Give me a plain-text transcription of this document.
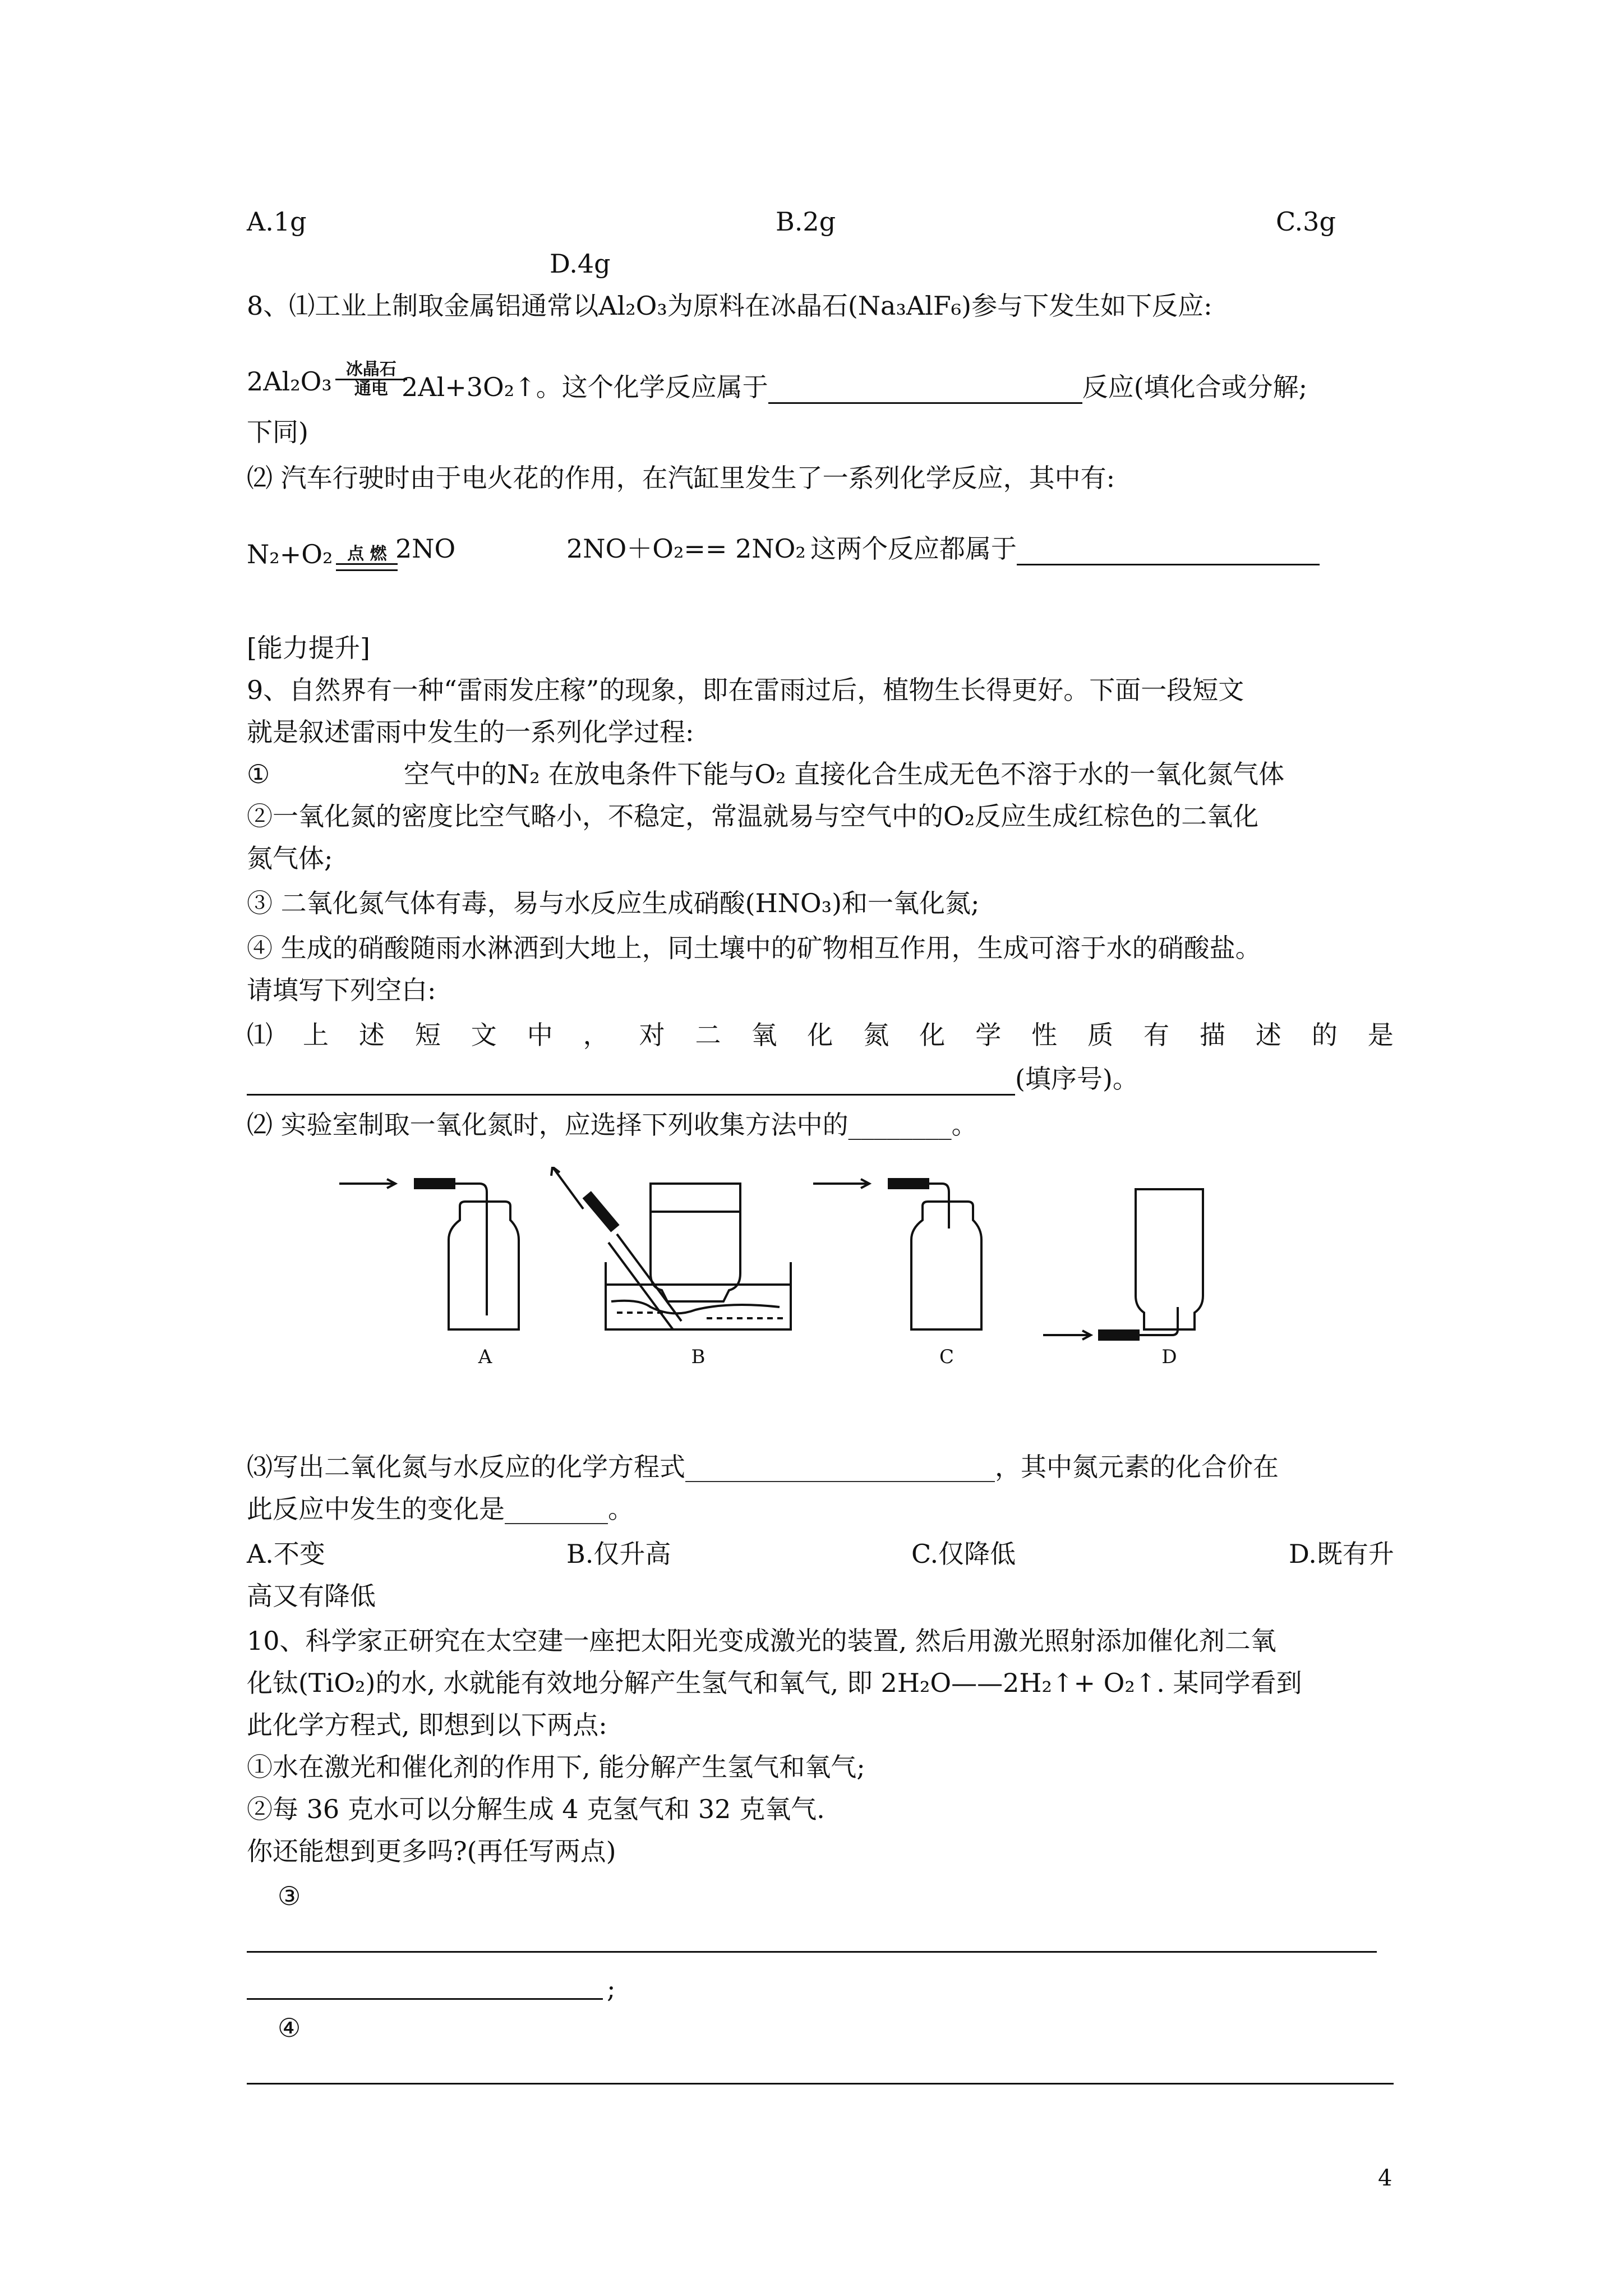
A.1g	B.2g	C.3g
D.4g
8、⑴工业上制取金属铝通常以Al₂O₃为原料在冰晶石(Na₃AlF₆)参与下发生如下反应:
2Al₂O₃ 冰晶石
通电 2Al+3O₂↑。这个化学反应属于	反应(填化合或分解;
下同)
⑵ 汽车行驶时由于电火花的作用，在汽缸里发生了一系列化学反应，其中有:
N₂+O₂ 点 燃 2NO	2NO＋O₂== 2NO₂ 这两个反应都属于
[能力提升]
9、自然界有一种“雷雨发庄稼”的现象，即在雷雨过后，植物生长得更好。下面一段短文
就是叙述雷雨中发生的一系列化学过程:
①	空气中的N₂ 在放电条件下能与O₂ 直接化合生成无色不溶于水的一氧化氮气体
②一氧化氮的密度比空气略小，不稳定，常温就易与空气中的O₂反应生成红棕色的二氧化
氮气体;
③ 二氧化氮气体有毒，易与水反应生成硝酸(HNO₃)和一氧化氮;
④ 生成的硝酸随雨水淋洒到大地上，同土壤中的矿物相互作用，生成可溶于水的硝酸盐。
请填写下列空白:
⑴ 上 述 短 文 中 ， 对 二 氧 化 氮 化 学 性 质 有 描 述 的 是
(填序号)。
⑵ 实验室制取一氧化氮时，应选择下列收集方法中的________。
A	B	C	D
⑶写出二氧化氮与水反应的化学方程式________________________，其中氮元素的化合价在
此反应中发生的变化是________。
A.不变	B.仅升高	C.仅降低	D.既有升
高又有降低
10、科学家正研究在太空建一座把太阳光变成激光的装置, 然后用激光照射添加催化剂二氧
化钛(TiO₂)的水, 水就能有效地分解产生氢气和氧气, 即 2H₂O——2H₂↑+ O₂↑. 某同学看到
此化学方程式, 即想到以下两点:
①水在激光和催化剂的作用下, 能分解产生氢气和氧气;
②每 36 克水可以分解生成 4 克氢气和 32 克氧气.
你还能想到更多吗?(再任写两点)
③
;
④
4
